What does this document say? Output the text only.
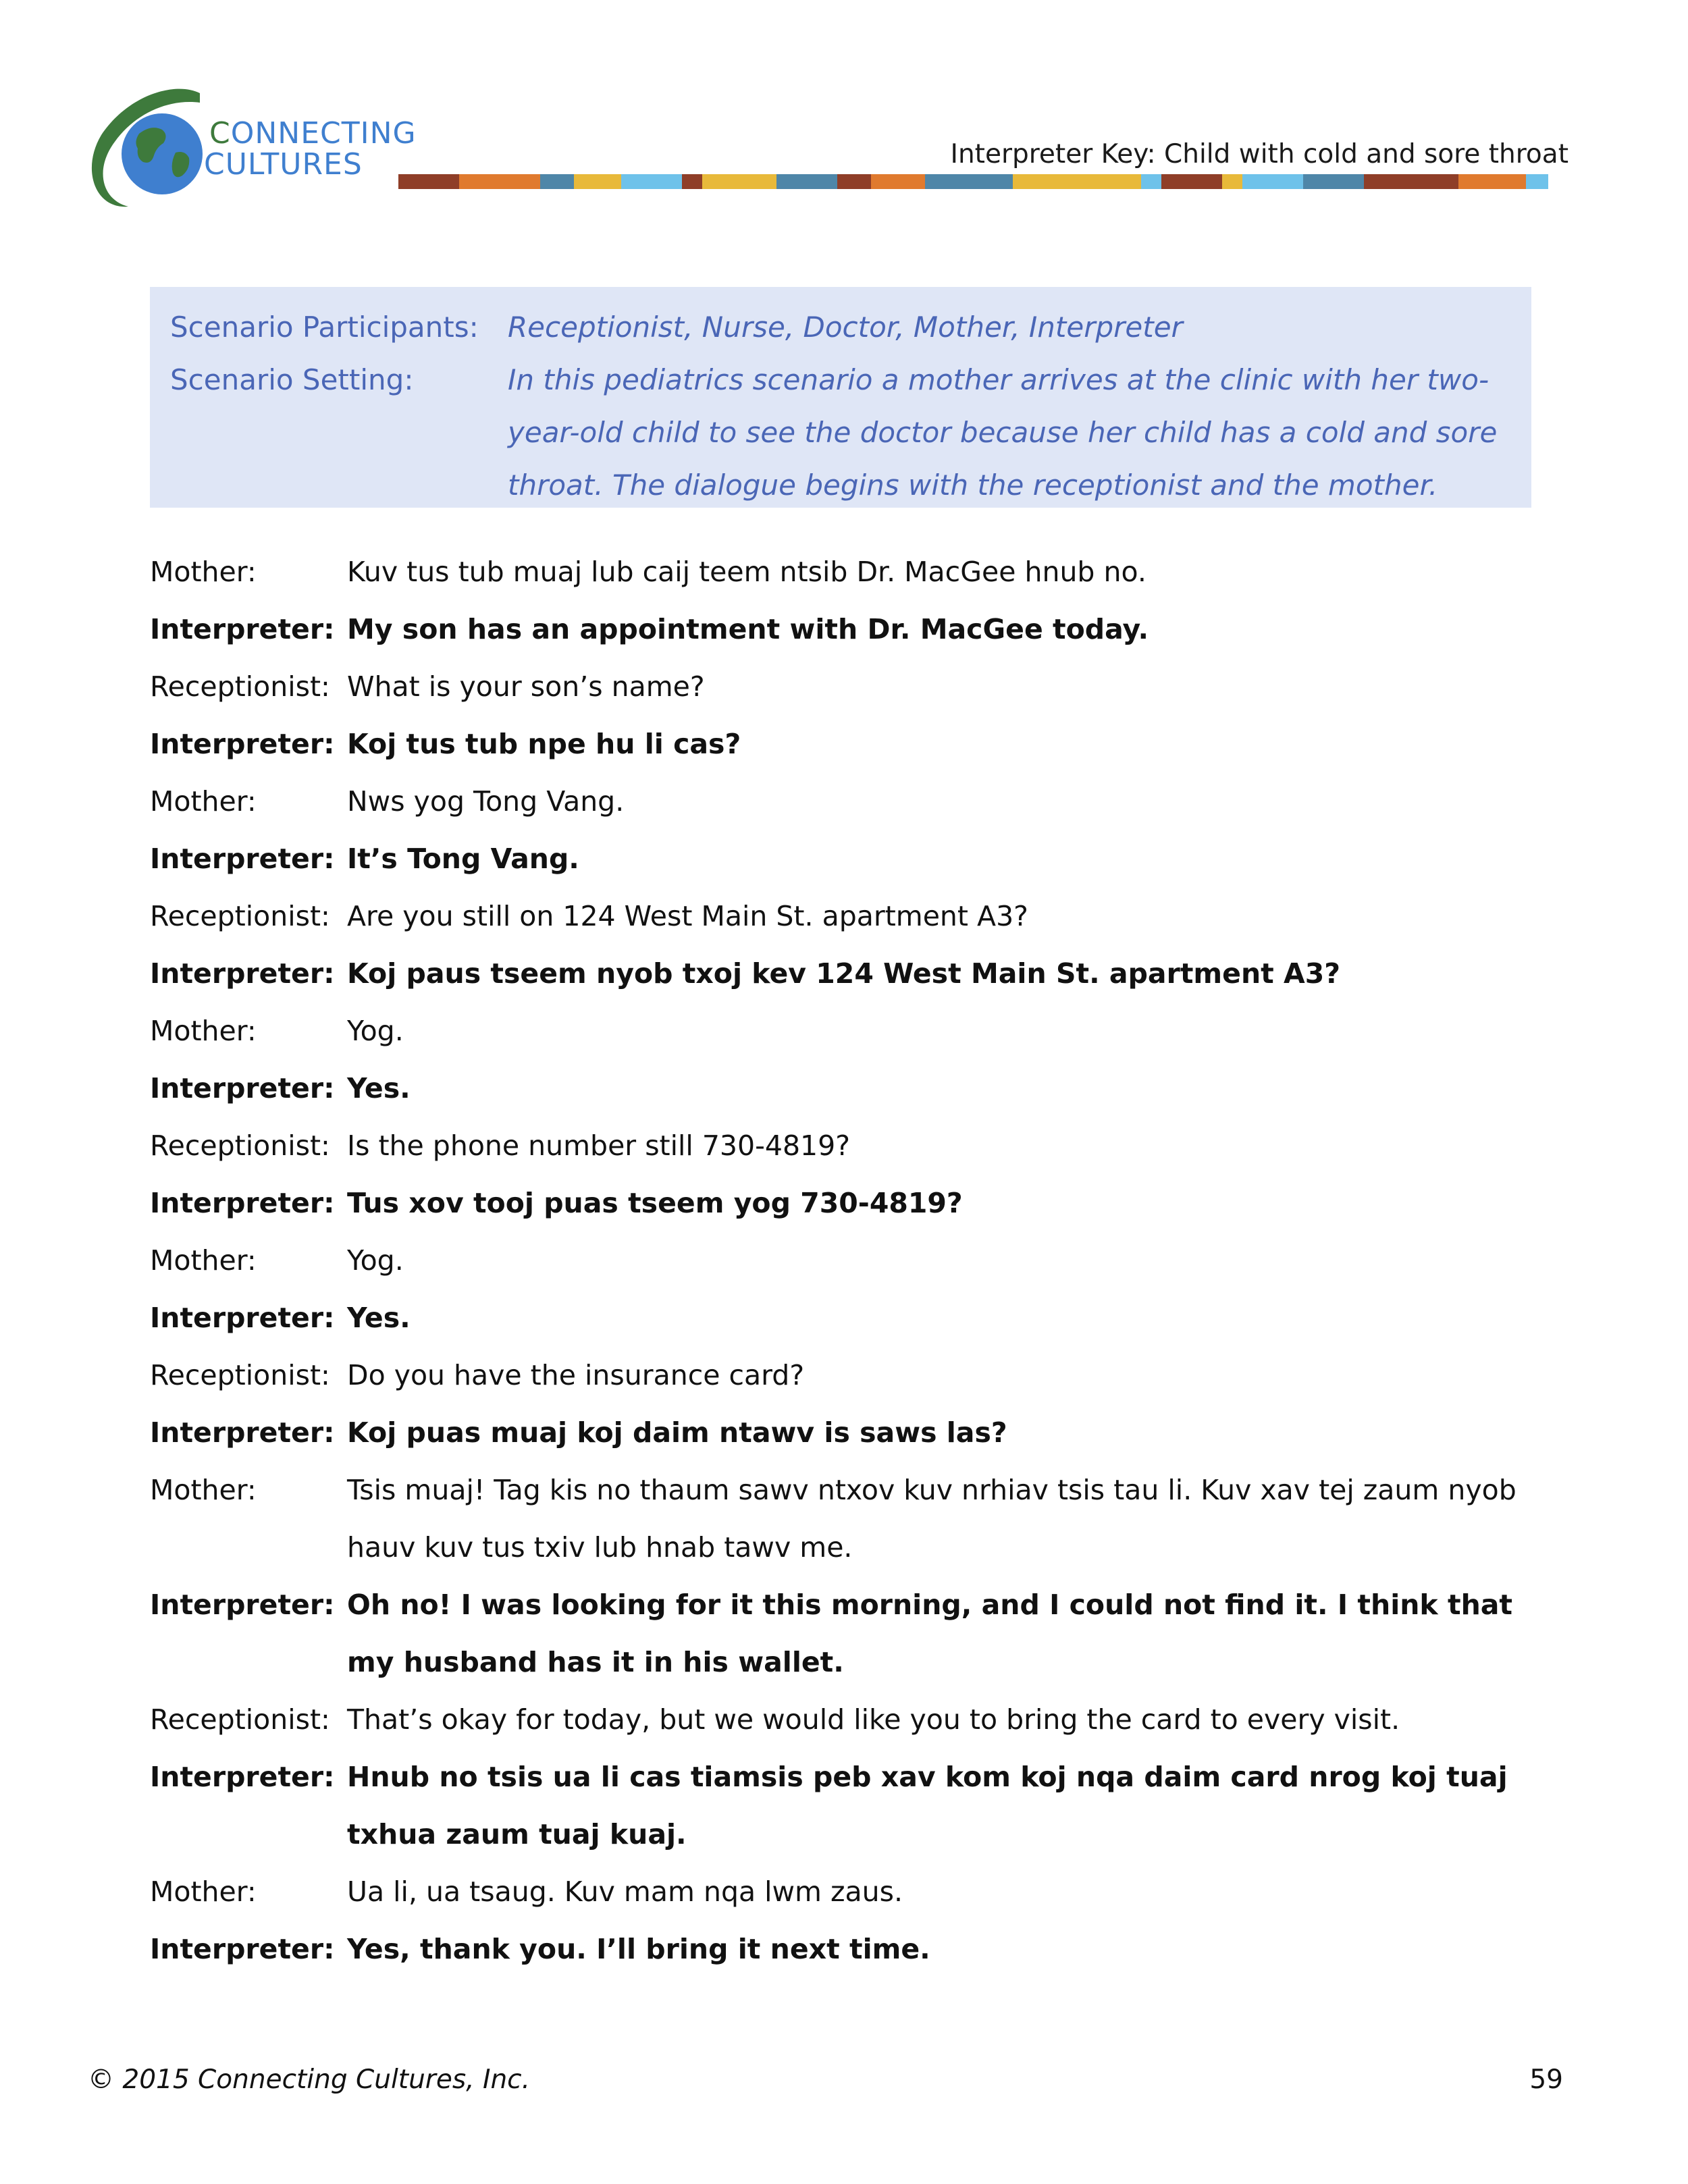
CONNECTING
CULTURES	Interpreter Key: Child with cold and sore throat
Scenario Participants:	Receptionist, Nurse, Doctor, Mother, Interpreter
Scenario Setting:	In this pediatrics scenario a mother arrives at the clinic with her two-year-old child to see the doctor because her child has a cold and sore throat. The dialogue begins with the receptionist and the mother.
Mother:	Kuv tus tub muaj lub caij teem ntsib Dr. MacGee hnub no.
Interpreter: My son has an appointment with Dr. MacGee today.
Receptionist: What is your son’s name?
Interpreter: Koj tus tub npe hu li cas?
Mother:	Nws yog Tong Vang.
Interpreter: It’s Tong Vang.
Receptionist: Are you still on 124 West Main St. apartment A3?
Interpreter: Koj paus tseem nyob txoj kev 124 West Main St. apartment A3?
Mother:	Yog.
Interpreter: Yes.
Receptionist: Is the phone number still 730-4819?
Interpreter: Tus xov tooj puas tseem yog 730-4819?
Mother:	Yog.
Interpreter: Yes.
Receptionist: Do you have the insurance card?
Interpreter: Koj puas muaj koj daim ntawv is saws las?
Mother:	Tsis muaj! Tag kis no thaum sawv ntxov kuv nrhiav tsis tau li. Kuv xav tej zaum nyob hauv kuv tus txiv lub hnab tawv me.
Interpreter: Oh no! I was looking for it this morning, and I could not find it. I think that my husband has it in his wallet.
Receptionist: That’s okay for today, but we would like you to bring the card to every visit.
Interpreter: Hnub no tsis ua li cas tiamsis peb xav kom koj nqa daim card nrog koj tuaj txhua zaum tuaj kuaj.
Mother:	Ua li, ua tsaug. Kuv mam nqa lwm zaus.
Interpreter: Yes, thank you. I’ll bring it next time.
© 2015 Connecting Cultures, Inc.	59
